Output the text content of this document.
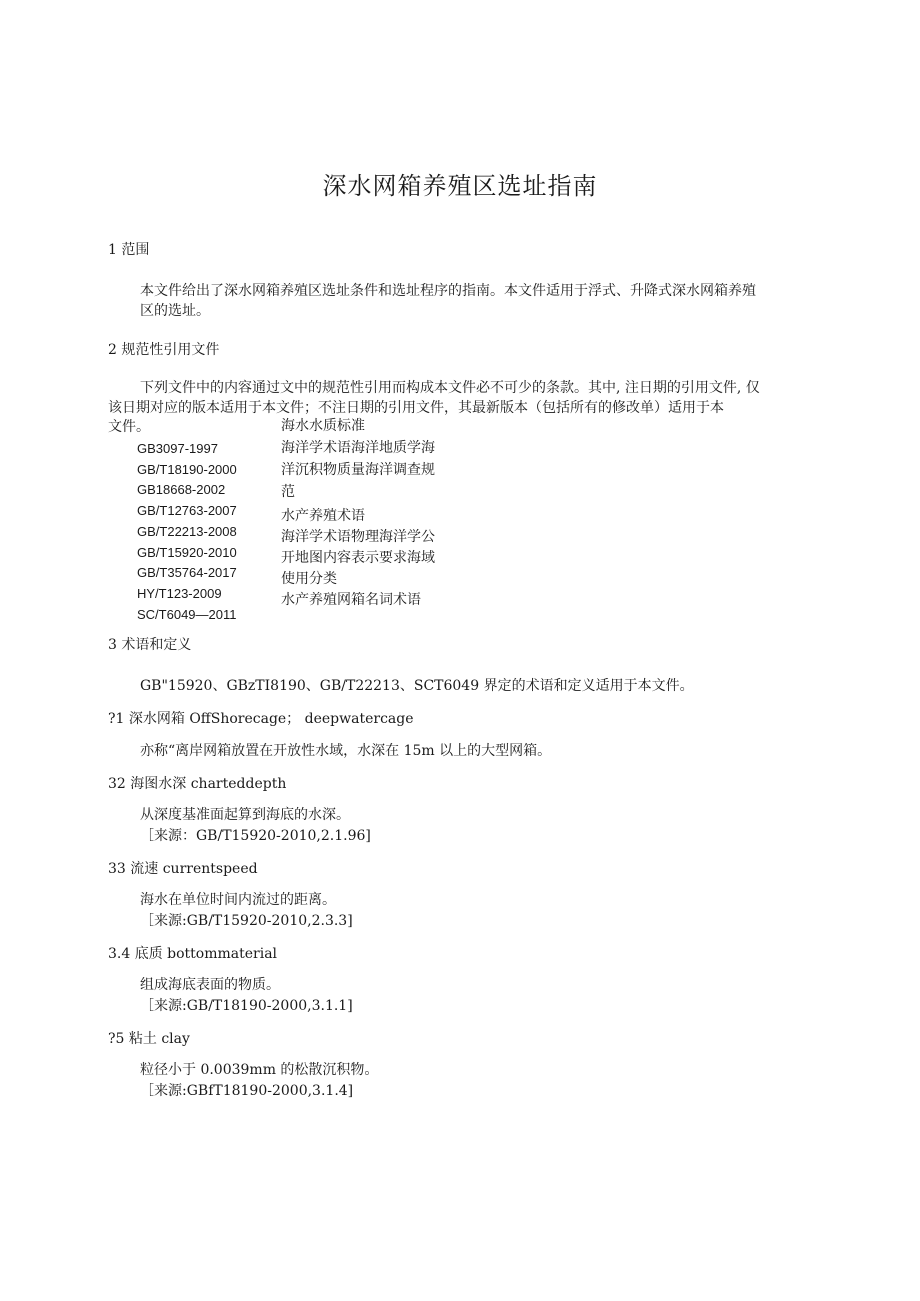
深水网箱养殖区选址指南
1 范围
本文件给出了深水网箱养殖区选址条件和选址程序的指南。本文件适用于浮式、升降式深水网箱养殖
区的选址。
2 规范性引用文件
下列文件中的内容通过文中的规范性引用而构成本文件必不可少的条款。其中, 注日期的引用文件, 仅
该日期对应的版本适用于本文件；不注日期的引用文件，其最新版本（包括所有的修改单）适用于本
文件。
GB3097-1997
GB/T18190-2000
GB18668-2002
GB/T12763-2007
GB/T22213-2008
GB/T15920-2010
GB/T35764-2017
HY/T123-2009
SC/T6049—2011
海水水质标准
海洋学术语海洋地质学海
洋沉积物质量海洋调查规
范
水产养殖术语
海洋学术语物理海洋学公
开地图内容表示要求海域
使用分类
水产养殖网箱名词术语
3 术语和定义
GB"15920、GBzTI8190、GB/T22213、SCT6049 界定的术语和定义适用于本文件。
?1 深水网箱 OffShorecage； deepwatercage
亦称“离岸网箱放置在开放性水域，水深在 15m 以上的大型网箱。
32 海图水深 charteddepth
从深度基准面起算到海底的水深。
［来源：GB/T15920-2010,2.1.96]
33 流速 currentspeed
海水在单位时间内流过的距离。
［来源:GB/T15920-2010,2.3.3]
3.4 底质 bottommaterial
组成海底表面的物质。
［来源:GB/T18190-2000,3.1.1]
?5 粘土 clay
粒径小于 0.0039mm 的松散沉积物。
［来源:GBfT18190-2000,3.1.4]
